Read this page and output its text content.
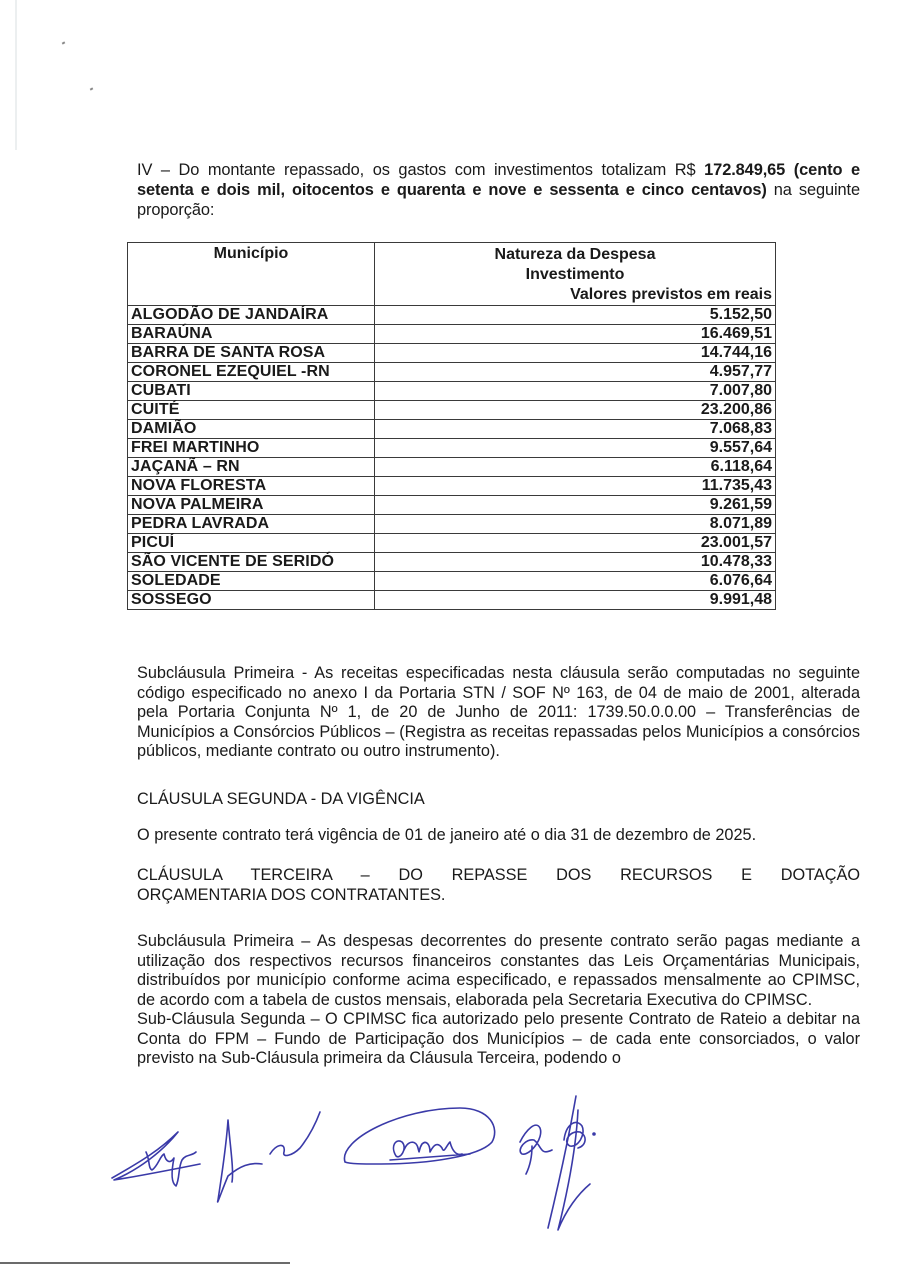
IV – Do montante repassado, os gastos com investimentos totalizam R$ 172.849,65 (cento e setenta e dois mil, oitocentos e quarenta e nove e sessenta e cinco centavos) na seguinte proporção:

Município	Natureza da Despesa
Investimento
Valores previstos em reais

ALGODÃO DE JANDAÍRA	5.152,50
BARAÚNA	16.469,51
BARRA DE SANTA ROSA	14.744,16
CORONEL EZEQUIEL -RN	4.957,77
CUBATI	7.007,80
CUITÉ	23.200,86
DAMIÃO	7.068,83
FREI MARTINHO	9.557,64
JAÇANÃ – RN	6.118,64
NOVA FLORESTA	11.735,43
NOVA PALMEIRA	9.261,59
PEDRA LAVRADA	8.071,89
PICUÍ	23.001,57
SÃO VICENTE DE SERIDÓ	10.478,33
SOLEDADE	6.076,64
SOSSEGO	9.991,48

Subcláusula Primeira - As receitas especificadas nesta cláusula serão computadas no seguinte código especificado no anexo I da Portaria STN / SOF Nº 163, de 04 de maio de 2001, alterada pela Portaria Conjunta Nº 1, de 20 de Junho de 2011: 1739.50.0.0.00 – Transferências de Municípios a Consórcios Públicos – (Registra as receitas repassadas pelos Municípios a consórcios públicos, mediante contrato ou outro instrumento).

CLÁUSULA SEGUNDA - DA VIGÊNCIA

O presente contrato terá vigência de 01 de janeiro até o dia 31 de dezembro de 2025.

CLÁUSULA TERCEIRA – DO REPASSE DOS RECURSOS E DOTAÇÃO
ORÇAMENTARIA DOS CONTRATANTES.

Subcláusula Primeira – As despesas decorrentes do presente contrato serão pagas mediante a utilização dos respectivos recursos financeiros constantes das Leis Orçamentárias Municipais, distribuídos por município conforme acima especificado, e repassados mensalmente ao CPIMSC, de acordo com a tabela de custos mensais, elaborada pela Secretaria Executiva do CPIMSC.

Sub-Cláusula Segunda – O CPIMSC fica autorizado pelo presente Contrato de Rateio a debitar na Conta do FPM – Fundo de Participação dos Municípios – de cada ente consorciados, o valor previsto na Sub-Cláusula primeira da Cláusula Terceira, podendo o
